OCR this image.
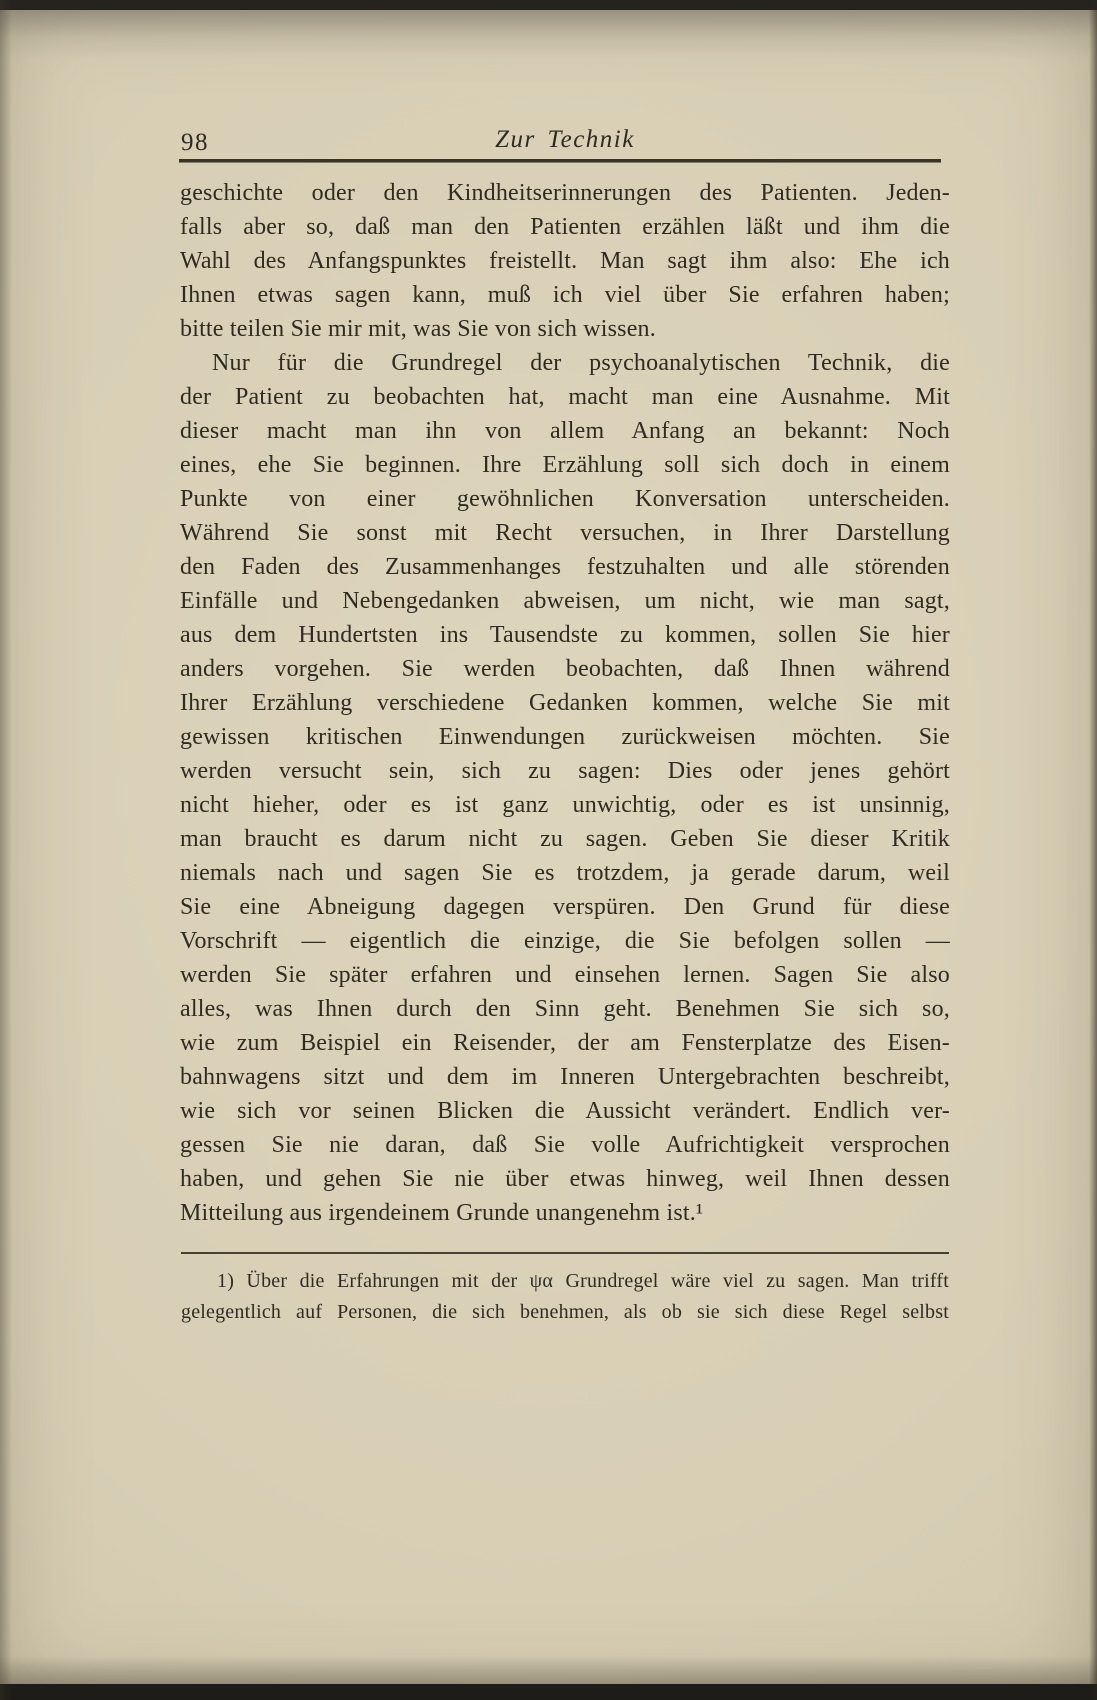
98	Zur Technik
geschichte oder den Kindheitserinnerungen des Patienten. Jeden-
falls aber so, daß man den Patienten erzählen läßt und ihm die
Wahl des Anfangspunktes freistellt. Man sagt ihm also: Ehe ich
Ihnen etwas sagen kann, muß ich viel über Sie erfahren haben;
bitte teilen Sie mir mit, was Sie von sich wissen.
Nur für die Grundregel der psychoanalytischen Technik, die
der Patient zu beobachten hat, macht man eine Ausnahme. Mit
dieser macht man ihn von allem Anfang an bekannt: Noch
eines, ehe Sie beginnen. Ihre Erzählung soll sich doch in einem
Punkte von einer gewöhnlichen Konversation unterscheiden.
Während Sie sonst mit Recht versuchen, in Ihrer Darstellung
den Faden des Zusammenhanges festzuhalten und alle störenden
Einfälle und Nebengedanken abweisen, um nicht, wie man sagt,
aus dem Hundertsten ins Tausendste zu kommen, sollen Sie hier
anders vorgehen. Sie werden beobachten, daß Ihnen während
Ihrer Erzählung verschiedene Gedanken kommen, welche Sie mit
gewissen kritischen Einwendungen zurückweisen möchten. Sie
werden versucht sein, sich zu sagen: Dies oder jenes gehört
nicht hieher, oder es ist ganz unwichtig, oder es ist unsinnig,
man braucht es darum nicht zu sagen. Geben Sie dieser Kritik
niemals nach und sagen Sie es trotzdem, ja gerade darum, weil
Sie eine Abneigung dagegen verspüren. Den Grund für diese
Vorschrift — eigentlich die einzige, die Sie befolgen sollen —
werden Sie später erfahren und einsehen lernen. Sagen Sie also
alles, was Ihnen durch den Sinn geht. Benehmen Sie sich so,
wie zum Beispiel ein Reisender, der am Fensterplatze des Eisen-
bahnwagens sitzt und dem im Inneren Untergebrachten beschreibt,
wie sich vor seinen Blicken die Aussicht verändert. Endlich ver-
gessen Sie nie daran, daß Sie volle Aufrichtigkeit versprochen
haben, und gehen Sie nie über etwas hinweg, weil Ihnen dessen
Mitteilung aus irgendeinem Grunde unangenehm ist.¹
1) Über die Erfahrungen mit der ψα Grundregel wäre viel zu sagen. Man trifft
gelegentlich auf Personen, die sich benehmen, als ob sie sich diese Regel selbst
